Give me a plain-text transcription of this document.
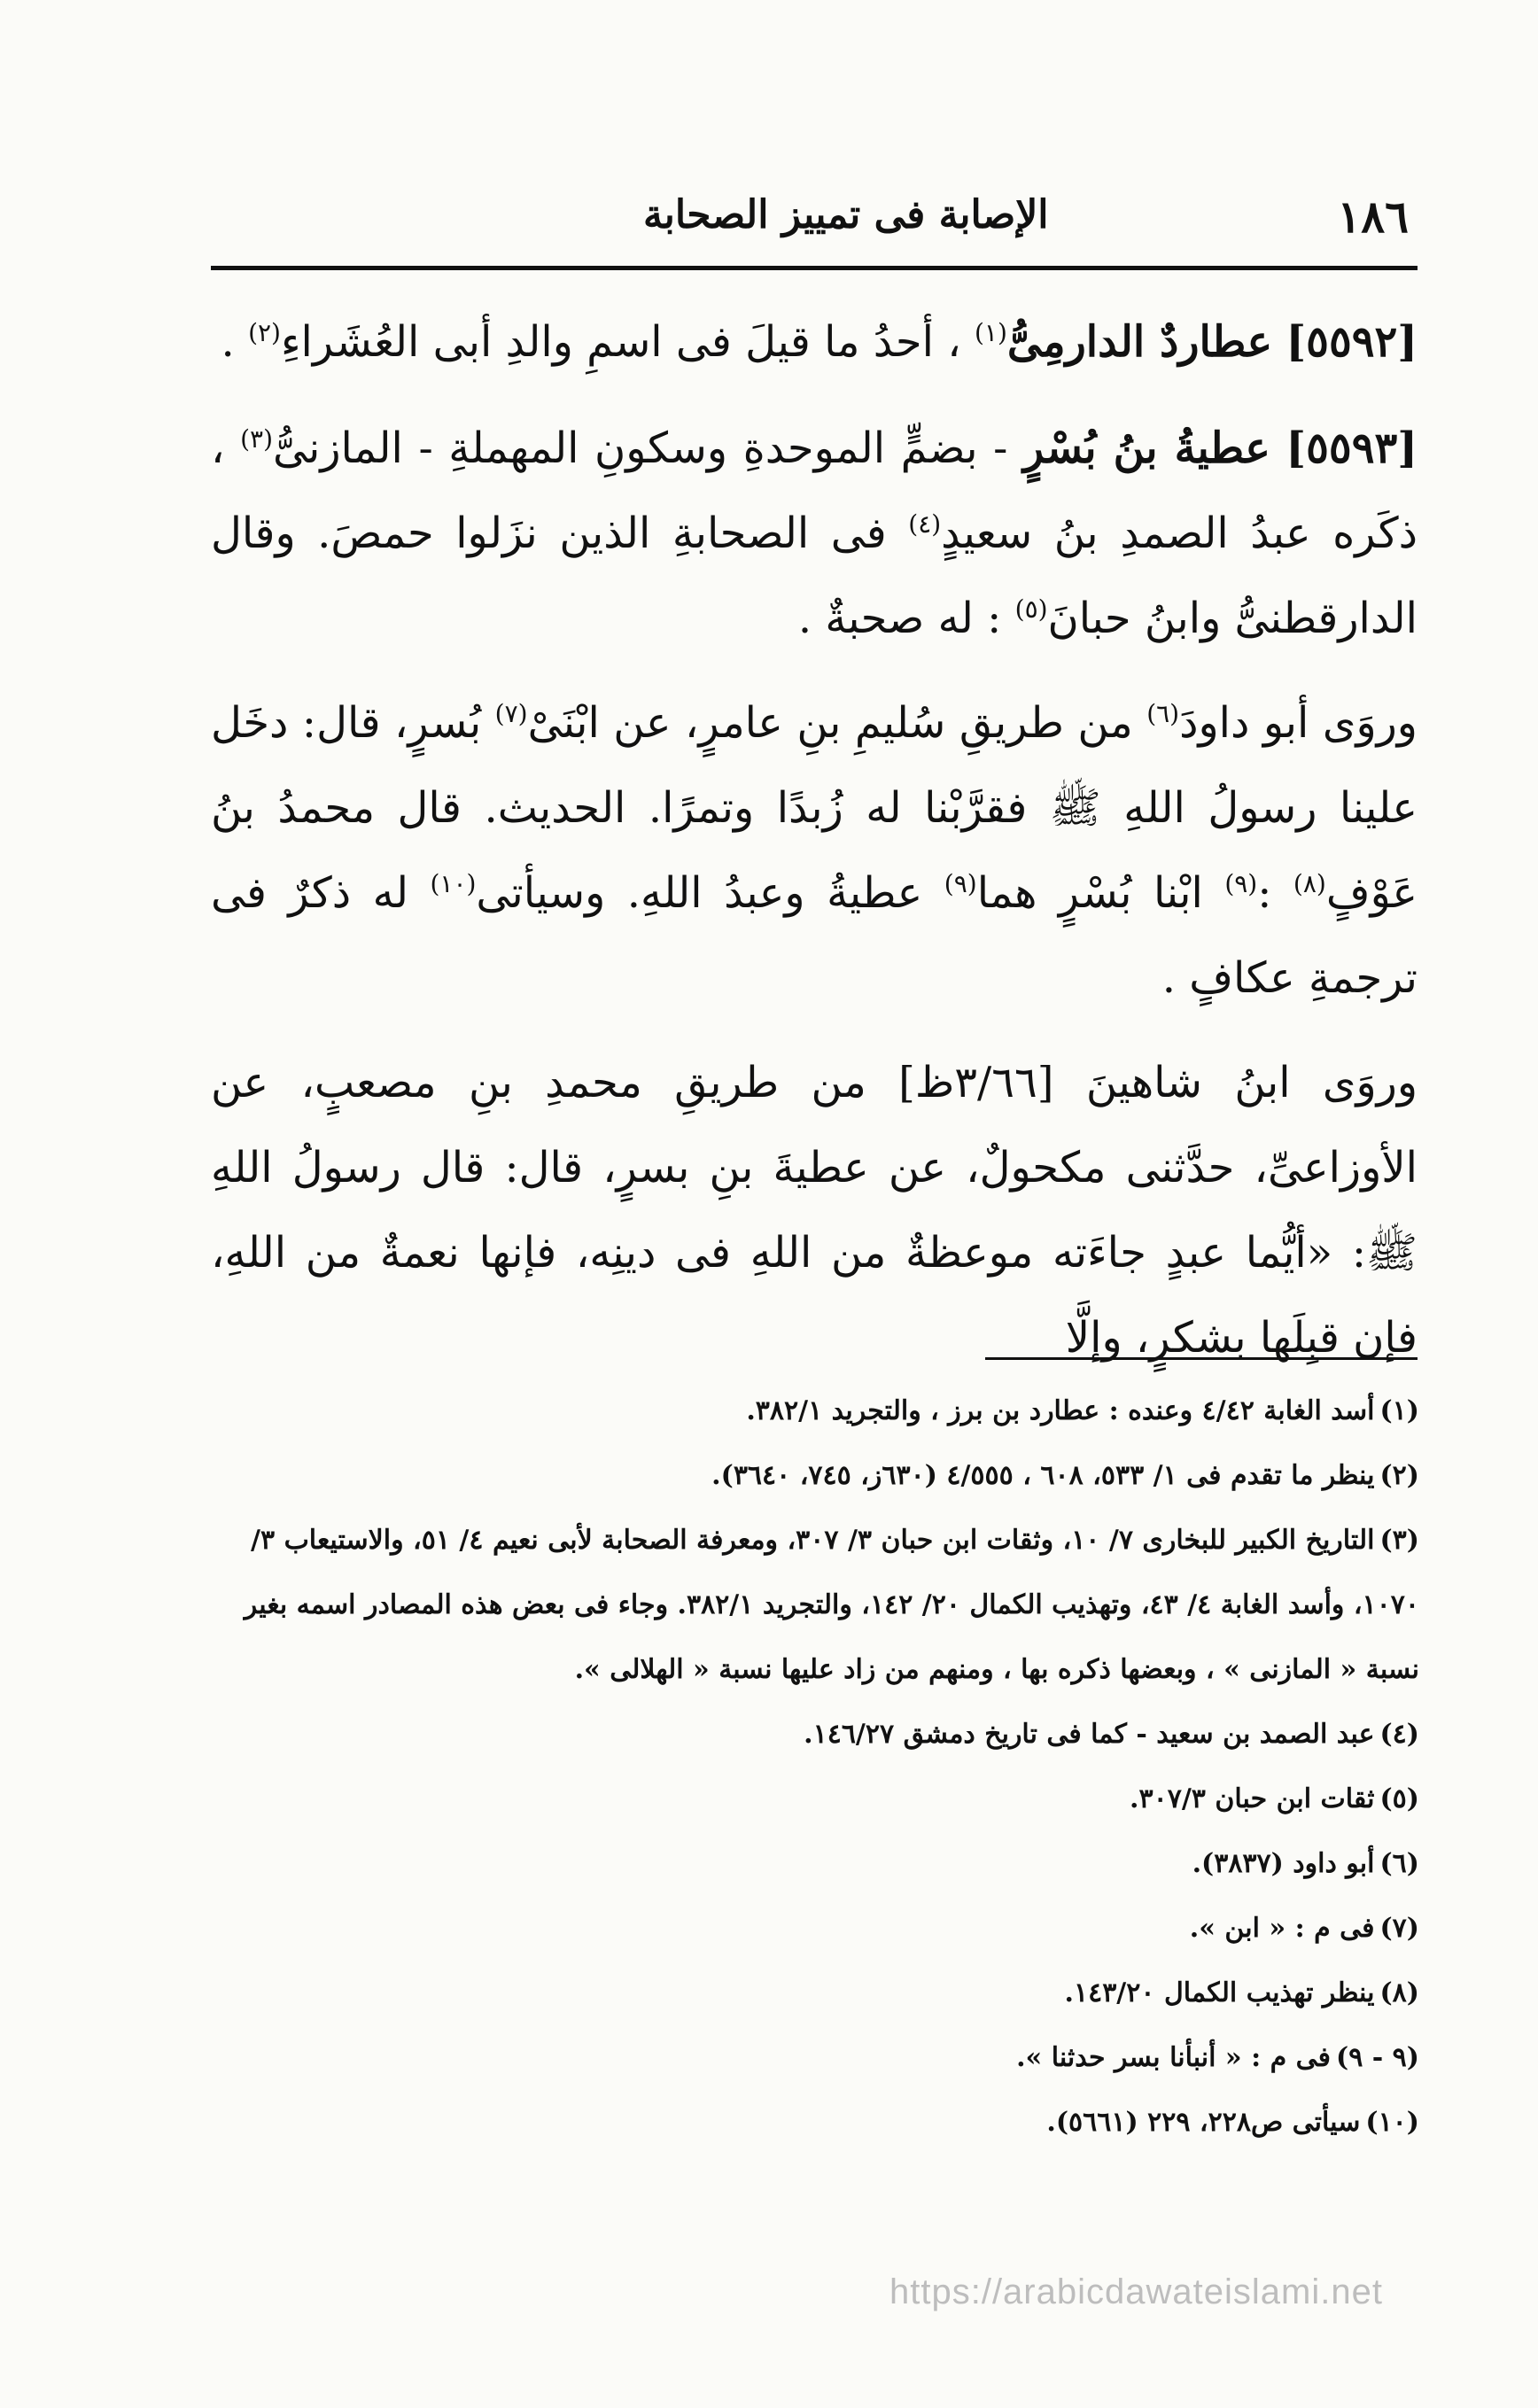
١٨٦
الإصابة فى تمييز الصحابة

[٥٥٩٢] عطاردٌ الدارمِىُّ$^{(١)}$ ، أحدُ ما قيلَ فى اسمِ والدِ أبى العُشَراءِ$^{(٢)}$ .

[٥٥٩٣] عطيةُ بنُ بُسْرٍ - بضمٍّ الموحدةِ وسكونِ المهملةِ - المازنىُّ$^{(٣)}$ ، ذكَره عبدُ الصمدِ بنُ سعيدٍ$^{(٤)}$ فى الصحابةِ الذين نزَلوا حمصَ. وقال الدارقطنىُّ وابنُ حبانَ$^{(٥)}$ : له صحبةٌ .

وروَى أبو داودَ$^{(٦)}$ من طريقِ سُليمِ بنِ عامرٍ، عن ابْنَىْ$^{(٧)}$ بُسرٍ، قال: دخَل علينا رسولُ اللهِ ﷺ فقرَّبْنا له زُبدًا وتمرًا. الحديث. قال محمدُ بنُ عَوْفٍ$^{(٨)}$ :$^{(٩)}$ ابْنا بُسْرٍ هما$^{(٩)}$ عطيةُ وعبدُ اللهِ. وسيأتى$^{(١٠)}$ له ذكرٌ فى ترجمةِ عكافٍ .

وروَى ابنُ شاهينَ [٣/٦٦ظ] من طريقِ محمدِ بنِ مصعبٍ، عن الأوزاعىِّ، حدَّثنى مكحولٌ، عن عطيةَ بنِ بسرٍ، قال: قال رسولُ اللهِ ﷺ: «أيُّما عبدٍ جاءَته موعظةٌ من اللهِ فى دينِه، فإنها نعمةٌ من اللهِ، فإن قبِلَها بشكرٍ، وإلَّا

(١)أسد الغابة ٤/٤٢ وعنده : عطارد بن برز ، والتجريد ٣٨٢/١.

(٢)ينظر ما تقدم فى ١/ ٥٣٣، ٦٠٨ ، ٤/٥٥٥ (٦٣٠ز، ٧٤٥، ٣٦٤٠).

(٣)التاريخ الكبير للبخارى ٧/ ١٠، وثقات ابن حبان ٣/ ٣٠٧، ومعرفة الصحابة لأبى نعيم ٤/ ٥١، والاستيعاب ٣/ ١٠٧٠، وأسد الغابة ٤/ ٤٣، وتهذيب الكمال ٢٠/ ١٤٢، والتجريد ٣٨٢/١. وجاء فى بعض هذه المصادر اسمه بغير نسبة « المازنى » ، وبعضها ذكره بها ، ومنهم من زاد عليها نسبة « الهلالى ».

(٤)عبد الصمد بن سعيد - كما فى تاريخ دمشق ١٤٦/٢٧.

(٥)ثقات ابن حبان ٣٠٧/٣.

(٦)أبو داود (٣٨٣٧).

(٧)فى م : « ابن ».

(٨)ينظر تهذيب الكمال ١٤٣/٢٠.

(٩ - ٩)فى م : « أنبأنا بسر حدثنا ».

(١٠)سيأتى ص٢٢٨، ٢٢٩ (٥٦٦١).

https://arabicdawateislami.net
